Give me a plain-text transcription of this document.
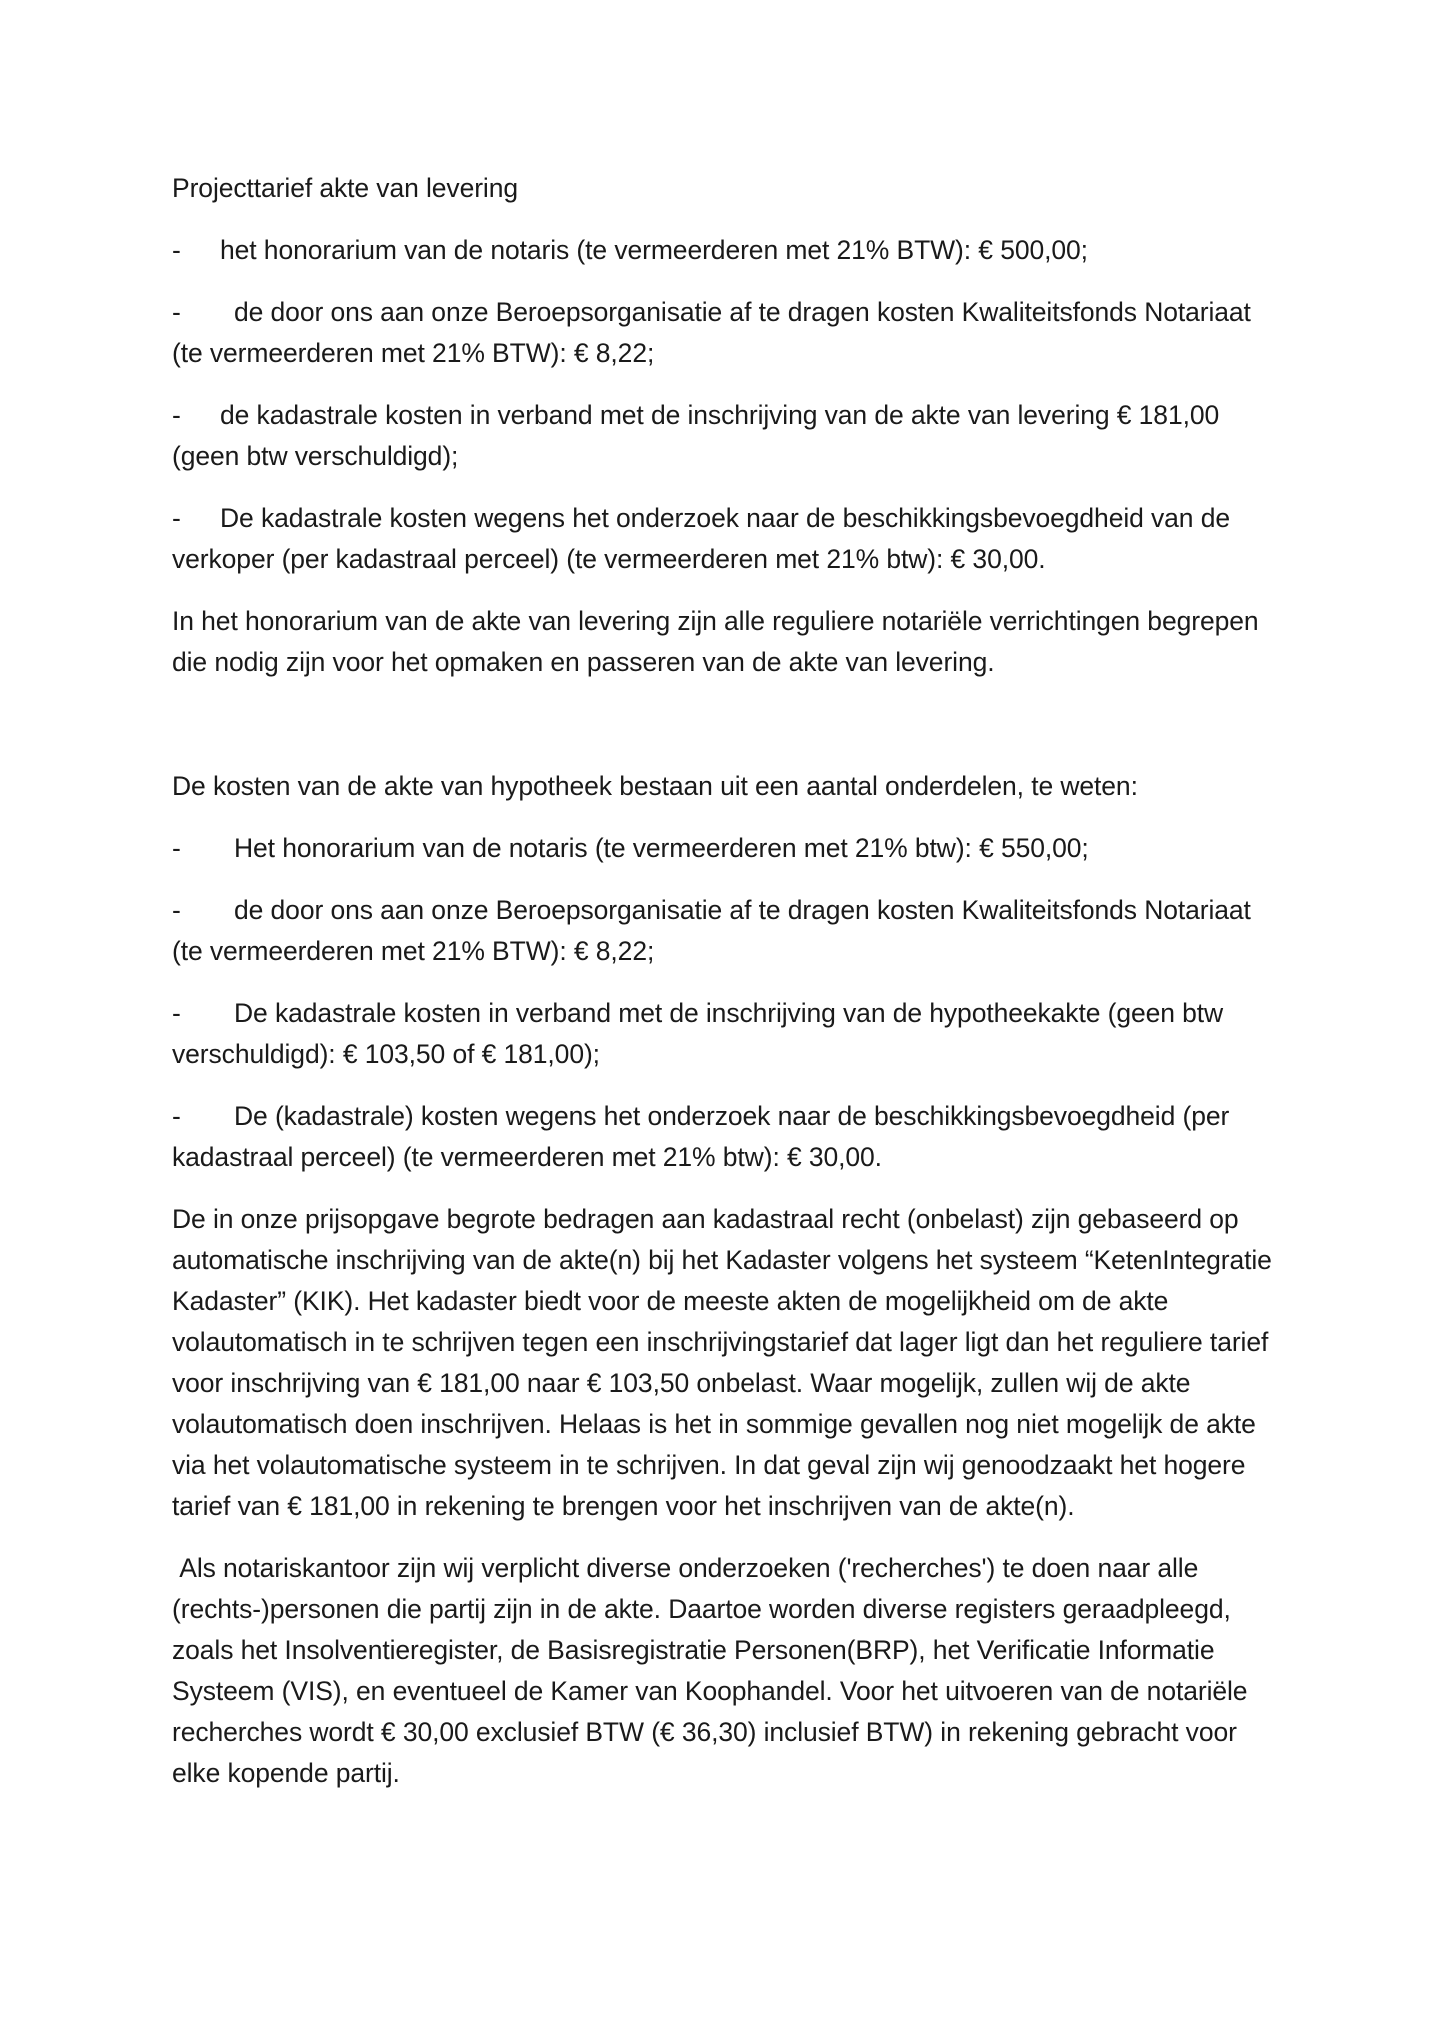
Projecttarief akte van levering

- het honorarium van de notaris (te vermeerderen met 21% BTW): € 500,00;

- de door ons aan onze Beroepsorganisatie af te dragen kosten Kwaliteitsfonds Notariaat (te vermeerderen met 21% BTW): € 8,22;

- de kadastrale kosten in verband met de inschrijving van de akte van levering € 181,00 (geen btw verschuldigd);

- De kadastrale kosten wegens het onderzoek naar de beschikkingsbevoegdheid van de verkoper (per kadastraal perceel) (te vermeerderen met 21% btw): € 30,00.

In het honorarium van de akte van levering zijn alle reguliere notariële verrichtingen begrepen die nodig zijn voor het opmaken en passeren van de akte van levering.

De kosten van de akte van hypotheek bestaan uit een aantal onderdelen, te weten:

- Het honorarium van de notaris (te vermeerderen met 21% btw): € 550,00;

- de door ons aan onze Beroepsorganisatie af te dragen kosten Kwaliteitsfonds Notariaat (te vermeerderen met 21% BTW): € 8,22;

- De kadastrale kosten in verband met de inschrijving van de hypotheekakte (geen btw verschuldigd): € 103,50 of € 181,00);

- De (kadastrale) kosten wegens het onderzoek naar de beschikkingsbevoegdheid (per kadastraal perceel) (te vermeerderen met 21% btw): € 30,00.

De in onze prijsopgave begrote bedragen aan kadastraal recht (onbelast) zijn gebaseerd op automatische inschrijving van de akte(n) bij het Kadaster volgens het systeem “KetenIntegratie Kadaster” (KIK). Het kadaster biedt voor de meeste akten de mogelijkheid om de akte volautomatisch in te schrijven tegen een inschrijvingstarief dat lager ligt dan het reguliere tarief voor inschrijving van € 181,00 naar € 103,50 onbelast. Waar mogelijk, zullen wij de akte volautomatisch doen inschrijven. Helaas is het in sommige gevallen nog niet mogelijk de akte via het volautomatische systeem in te schrijven. In dat geval zijn wij genoodzaakt het hogere tarief van € 181,00 in rekening te brengen voor het inschrijven van de akte(n).

Als notariskantoor zijn wij verplicht diverse onderzoeken ('recherches') te doen naar alle (rechts-)personen die partij zijn in de akte. Daartoe worden diverse registers geraadpleegd, zoals het Insolventieregister, de Basisregistratie Personen(BRP), het Verificatie Informatie Systeem (VIS), en eventueel de Kamer van Koophandel. Voor het uitvoeren van de notariële recherches wordt € 30,00 exclusief BTW (€ 36,30) inclusief BTW) in rekening gebracht voor elke kopende partij.
